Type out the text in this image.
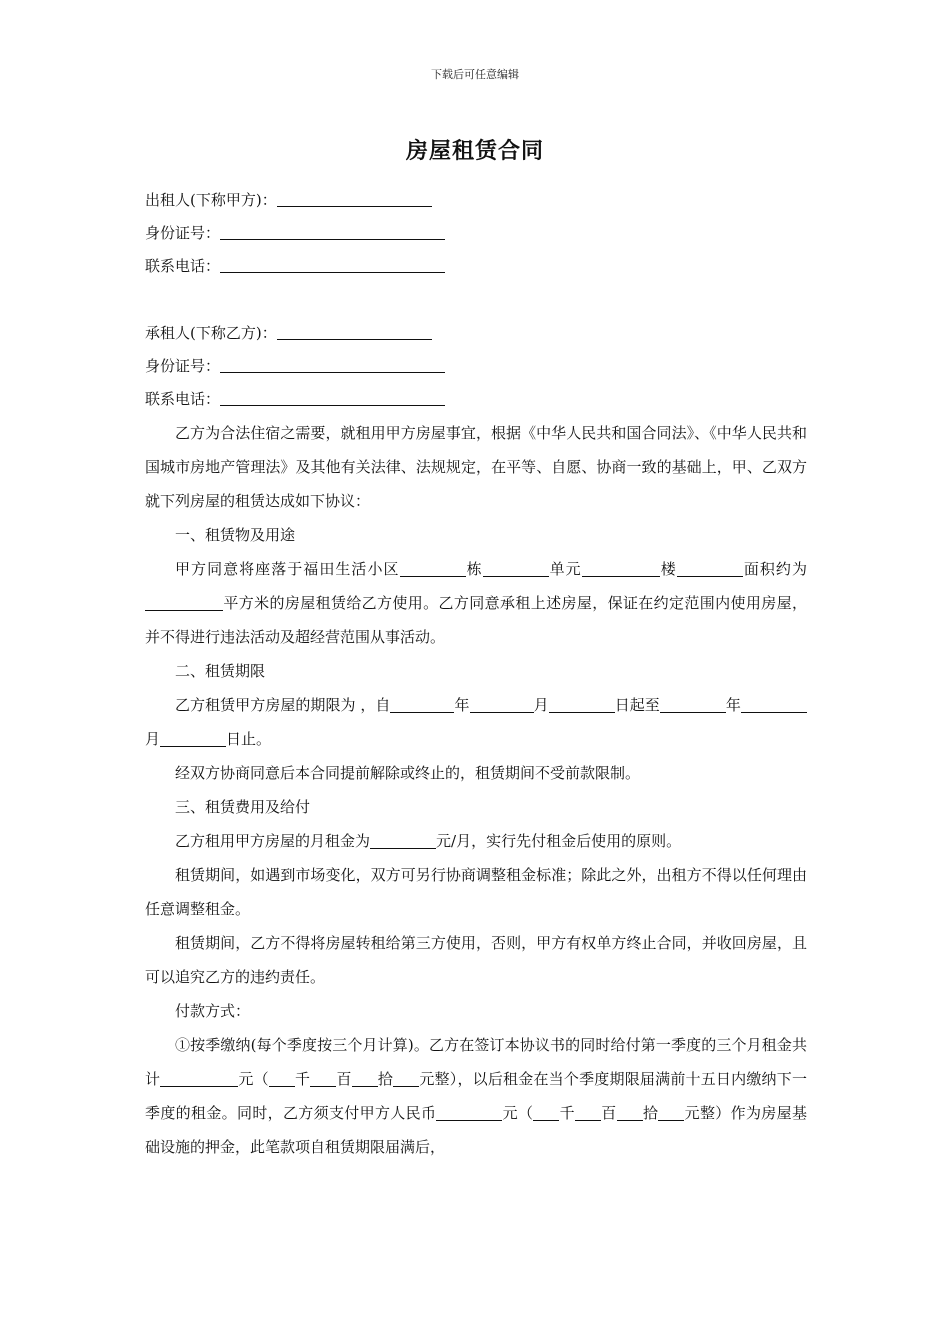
下载后可任意编辑
房屋租赁合同
出租人(下称甲方)：
身份证号：
联系电话：
承租人(下称乙方)：
身份证号：
联系电话：

乙方为合法住宿之需要，就租用甲方房屋事宜，根据《中华人民共和国合同法》、《中华人民共和国城市房地产管理法》及其他有关法律、法规规定，在平等、自愿、协商一致的基础上，甲、乙双方就下列房屋的租赁达成如下协议：

一、租赁物及用途

甲方同意将座落于福田生活小区	栋	单元	楼	面积约为平方米的房屋租赁给乙方使用。乙方同意承租上述房屋，保证在约定范围内使用房屋，并不得进行违法活动及超经营范围从事活动。

二、租赁期限

乙方租赁甲方房屋的期限为 ，自	年	月	日起至	年月	日止。

经双方协商同意后本合同提前解除或终止的，租赁期间不受前款限制。

三、租赁费用及给付

乙方租用甲方房屋的月租金为	元/月，实行先付租金后使用的原则。

租赁期间，如遇到市场变化，双方可另行协商调整租金标准；除此之外，出租方不得以任何理由任意调整租金。

租赁期间，乙方不得将房屋转租给第三方使用，否则，甲方有权单方终止合同，并收回房屋，且可以追究乙方的违约责任。

付款方式：

①按季缴纳(每个季度按三个月计算)。乙方在签订本协议书的同时给付第一季度的三个月租金共计	元（ 千 百 拾 元整），以后租金在当个季度期限届满前十五日内缴纳下一季度的租金。同时，乙方须支付甲方人民币	元（ 千 百 拾 元整）作为房屋基础设施的押金，此笔款项自租赁期限届满后，
